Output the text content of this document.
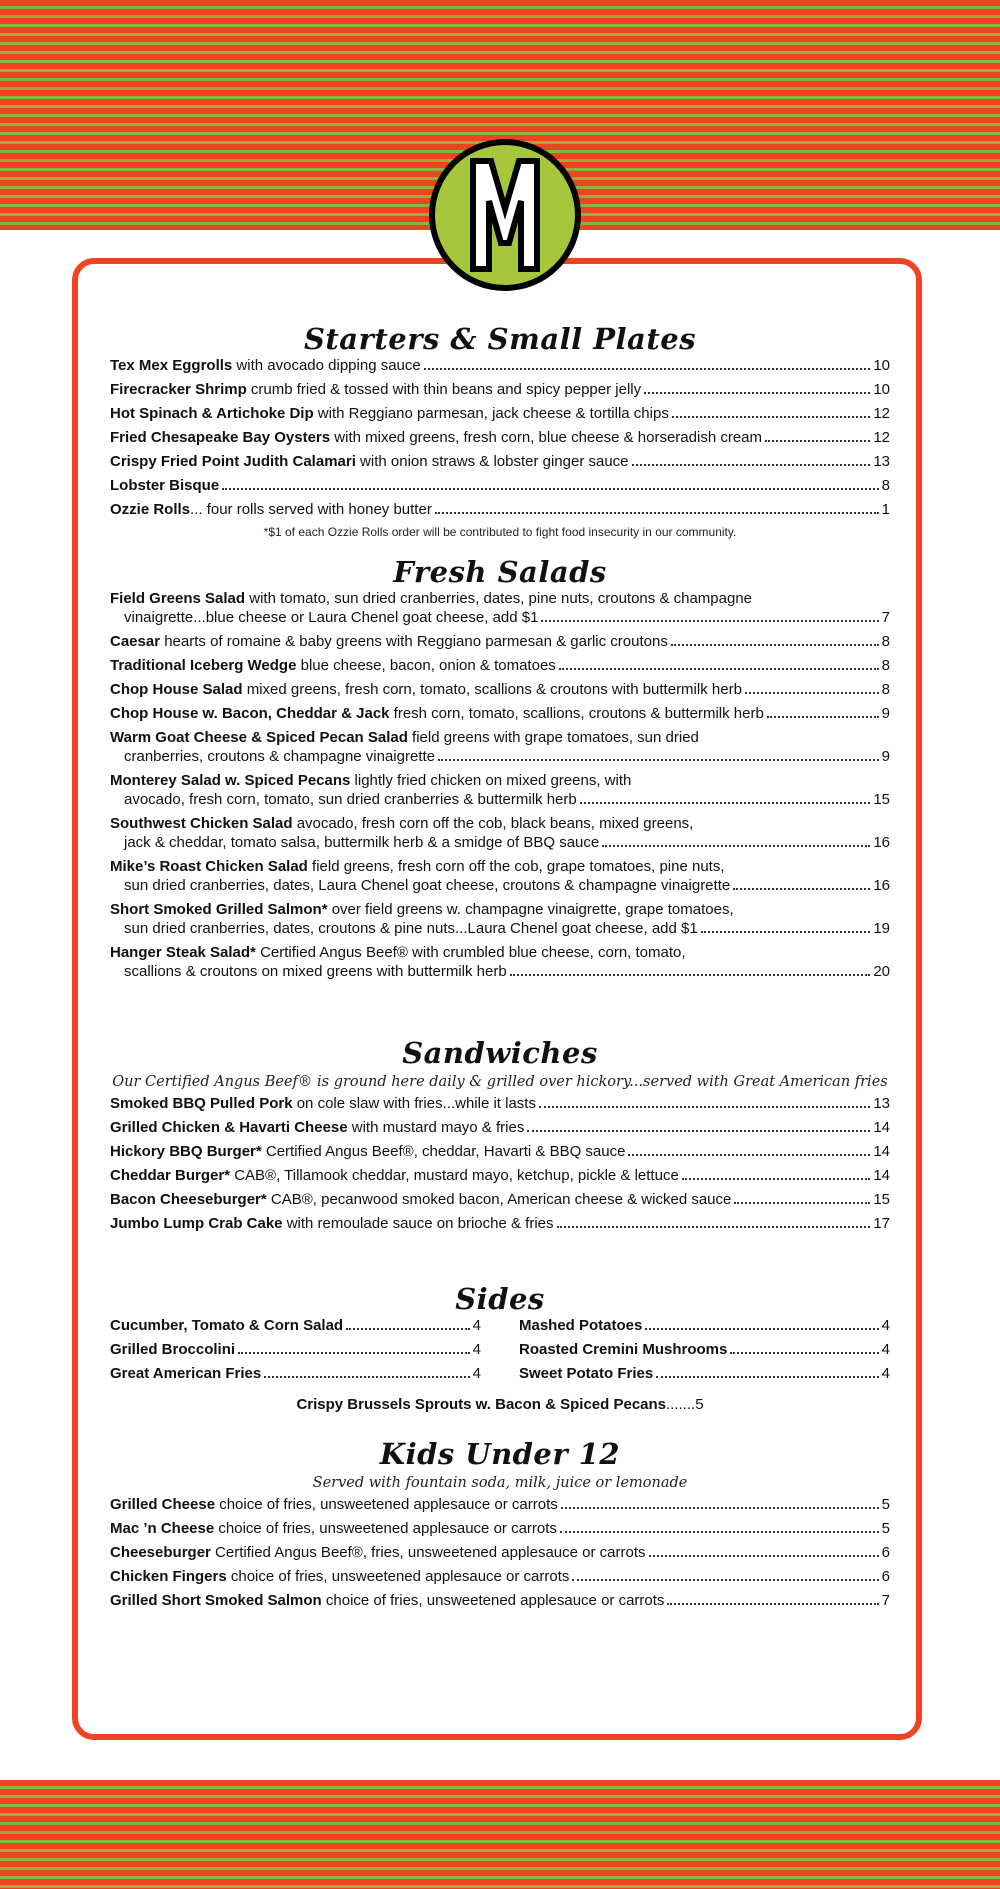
Starters & Small Plates
Tex Mex Eggrolls with avocado dipping sauce	10
Firecracker Shrimp crumb fried & tossed with thin beans and spicy pepper jelly	10
Hot Spinach & Artichoke Dip with Reggiano parmesan, jack cheese & tortilla chips	12
Fried Chesapeake Bay Oysters with mixed greens, fresh corn, blue cheese & horseradish cream	12
Crispy Fried Point Judith Calamari with onion straws & lobster ginger sauce	13
Lobster Bisque	8
Ozzie Rolls... four rolls served with honey butter	1

*$1 of each Ozzie Rolls order will be contributed to fight food insecurity in our community.

Fresh Salads
Field Greens Salad with tomato, sun dried cranberries, dates, pine nuts, croutons & champagne
vinaigrette...blue cheese or Laura Chenel goat cheese, add $1	7
Caesar hearts of romaine & baby greens with Reggiano parmesan & garlic croutons	8
Traditional Iceberg Wedge blue cheese, bacon, onion & tomatoes	8
Chop House Salad mixed greens, fresh corn, tomato, scallions & croutons with buttermilk herb	8
Chop House w. Bacon, Cheddar & Jack fresh corn, tomato, scallions, croutons & buttermilk herb	9
Warm Goat Cheese & Spiced Pecan Salad field greens with grape tomatoes, sun dried
cranberries, croutons & champagne vinaigrette	9
Monterey Salad w. Spiced Pecans lightly fried chicken on mixed greens, with
avocado, fresh corn, tomato, sun dried cranberries & buttermilk herb	15
Southwest Chicken Salad avocado, fresh corn off the cob, black beans, mixed greens,
jack & cheddar, tomato salsa, buttermilk herb & a smidge of BBQ sauce	16
Mike’s Roast Chicken Salad field greens, fresh corn off the cob, grape tomatoes, pine nuts,
sun dried cranberries, dates, Laura Chenel goat cheese, croutons & champagne vinaigrette	16
Short Smoked Grilled Salmon* over field greens w. champagne vinaigrette, grape tomatoes,
sun dried cranberries, dates, croutons & pine nuts...Laura Chenel goat cheese, add $1	19
Hanger Steak Salad* Certified Angus Beef® with crumbled blue cheese, corn, tomato,
scallions & croutons on mixed greens with buttermilk herb	20
Sandwiches

Our Certified Angus Beef® is ground here daily & grilled over hickory...served with Great American fries

Smoked BBQ Pulled Pork on cole slaw with fries...while it lasts	13
Grilled Chicken & Havarti Cheese with mustard mayo & fries	14
Hickory BBQ Burger* Certified Angus Beef®, cheddar, Havarti & BBQ sauce	14
Cheddar Burger* CAB®, Tillamook cheddar, mustard mayo, ketchup, pickle & lettuce	14
Bacon Cheeseburger* CAB®, pecanwood smoked bacon, American cheese & wicked sauce	15
Jumbo Lump Crab Cake with remoulade sauce on brioche & fries	17
Sides
Cucumber, Tomato & Corn Salad	4	Mashed Potatoes	4
Grilled Broccolini	4	Roasted Cremini Mushrooms	4
Great American Fries	4	Sweet Potato Fries	4
Crispy Brussels Sprouts w. Bacon & Spiced Pecans.......5
Kids Under 12

Served with fountain soda, milk, juice or lemonade

Grilled Cheese choice of fries, unsweetened applesauce or carrots	5
Mac ’n Cheese choice of fries, unsweetened applesauce or carrots	5
Cheeseburger Certified Angus Beef®, fries, unsweetened applesauce or carrots	6
Chicken Fingers choice of fries, unsweetened applesauce or carrots	6
Grilled Short Smoked Salmon choice of fries, unsweetened applesauce or carrots	7
